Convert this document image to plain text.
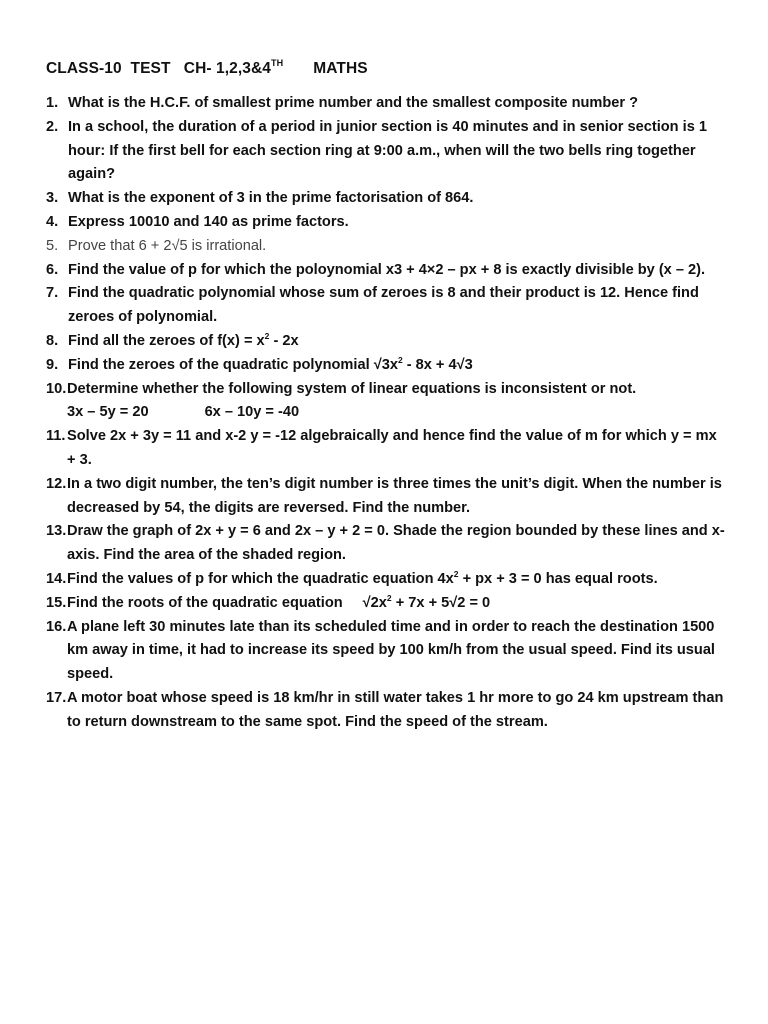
CLASS-10  TEST   CH- 1,2,3&4TH MATHS
1. What is the H.C.F. of smallest prime number and the smallest composite number ?
2. In a school, the duration of a period in junior section is 40 minutes and in senior section is 1 hour: If the first bell for each section ring at 9:00 a.m., when will the two bells ring together again?
3. What is the exponent of 3 in the prime factorisation of 864.
4. Express 10010 and 140 as prime factors.
5. Prove that 6 + 2√5 is irrational.
6. Find the value of p for which the poloynomial x3 + 4×2 – px + 8 is exactly divisible by (x – 2).
7. Find the quadratic polynomial whose sum of zeroes is 8 and their product is 12. Hence find zeroes of polynomial.
8. Find all the zeroes of $f(x) = x^2 - 2x$
9. Find the zeroes of the quadratic polynomial $√3x^2 - 8x + 4√3$
10. Determine whether the following system of linear equations is inconsistent or not.
3x – 5y = 20	6x – 10y = -40
11. Solve 2x + 3y = 11 and x-2 y = -12 algebraically and hence find the value of m for which y = mx + 3.
12. In a two digit number, the ten’s digit number is three times the unit’s digit. When the number is decreased by 54, the digits are reversed. Find the number.
13. Draw the graph of 2x + y = 6 and 2x – y + 2 = 0. Shade the region bounded by these lines and x-axis. Find the area of the shaded region.
14. Find the values of p for which the quadratic equation $4x^2$ + px + 3 = 0 has equal roots.
15. Find the roots of the quadratic equation $√2x^2 + 7x + 5√2 = 0$
16. A plane left 30 minutes late than its scheduled time and in order to reach the destination 1500 km away in time, it had to increase its speed by 100 km/h from the usual speed. Find its usual speed.
17. A motor boat whose speed is 18 km/hr in still water takes 1 hr more to go 24 km upstream than to return downstream to the same spot. Find the speed of the stream.
